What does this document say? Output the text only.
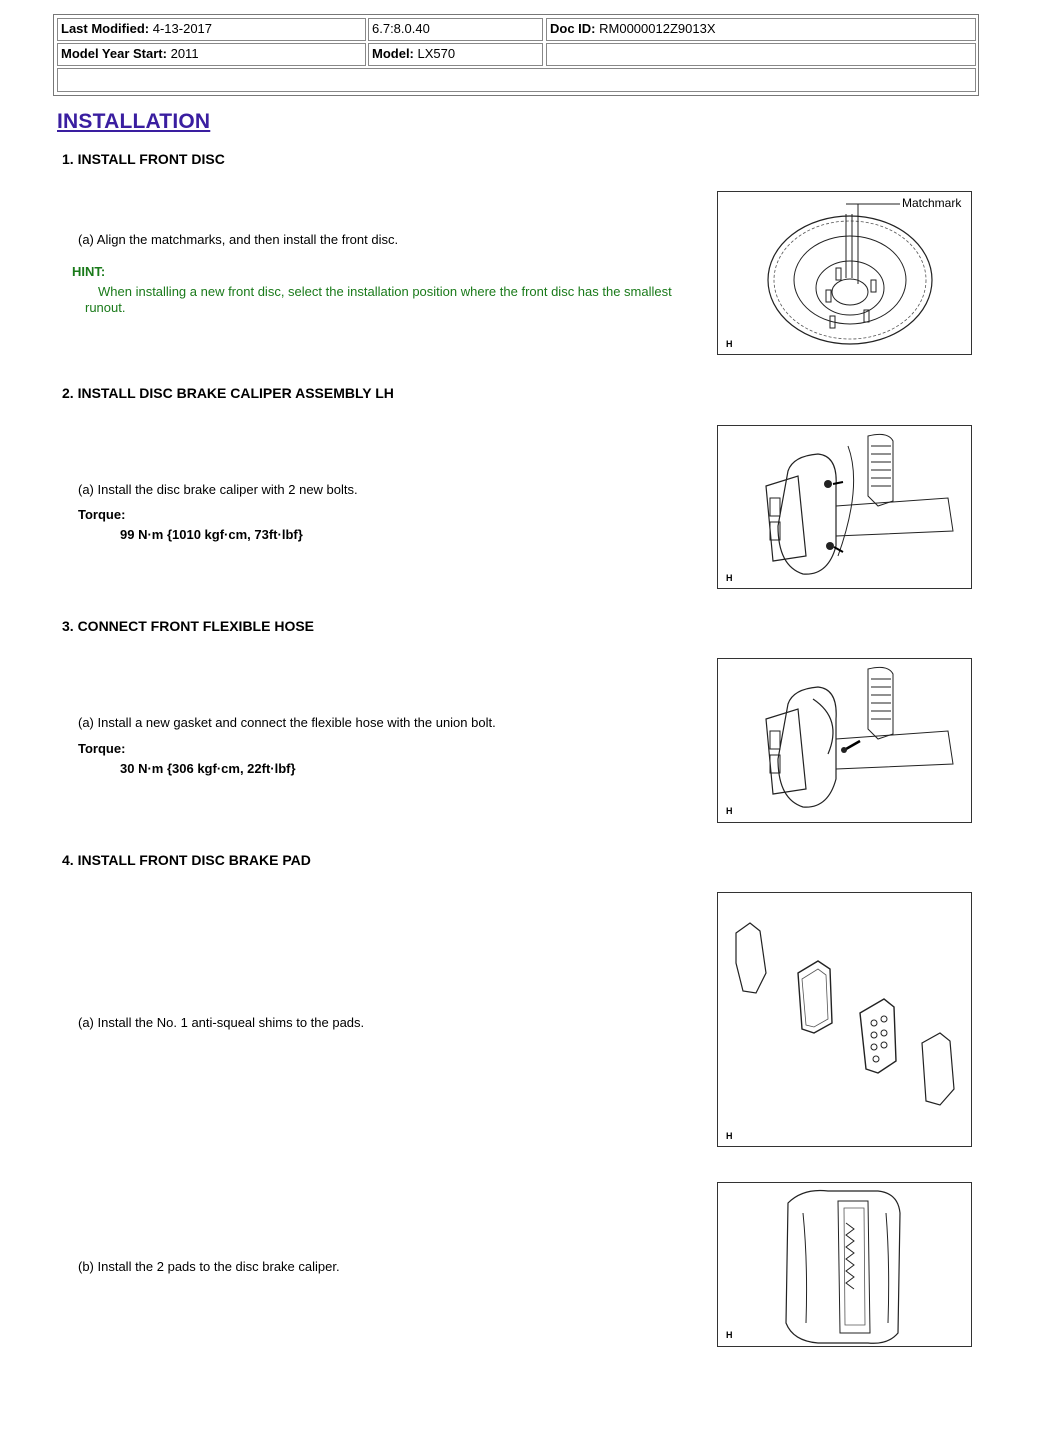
Last Modified: 4-13-2017	6.7:8.0.40	Doc ID: RM0000012Z9013X
Model Year Start: 2011	Model: LX570

INSTALLATION
1. INSTALL FRONT DISC
(a) Align the matchmarks, and then install the front disc.
HINT:
When installing a new front disc, select the installation position where the front disc has the smallest runout.
Matchmark
H
2. INSTALL DISC BRAKE CALIPER ASSEMBLY LH
(a) Install the disc brake caliper with 2 new bolts.
Torque:
99 N·m {1010 kgf·cm, 73ft·lbf}
H
3. CONNECT FRONT FLEXIBLE HOSE
(a) Install a new gasket and connect the flexible hose with the union bolt.
Torque:
30 N·m {306 kgf·cm, 22ft·lbf}
H
4. INSTALL FRONT DISC BRAKE PAD
(a) Install the No. 1 anti-squeal shims to the pads.
H
(b) Install the 2 pads to the disc brake caliper.
H
